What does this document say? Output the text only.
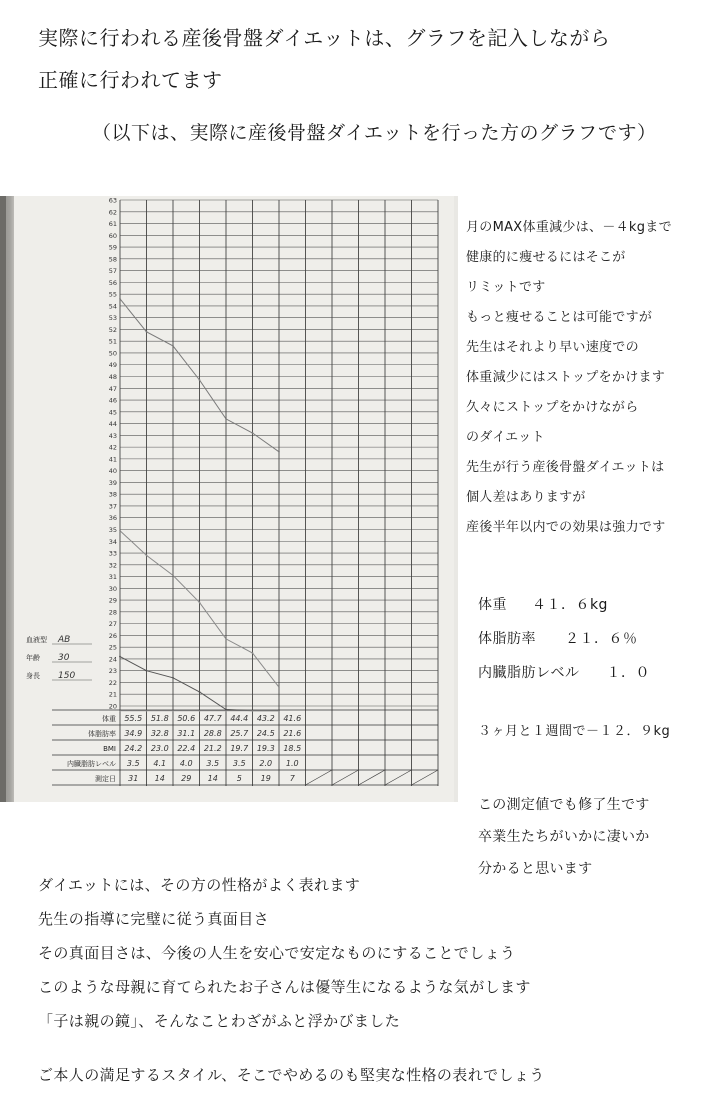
実際に行われる産後骨盤ダイエットは、グラフを記入しながら
正確に行われてます
（以下は、実際に産後骨盤ダイエットを行った方のグラフです）
20
21
22
23
24
25
26
27
28
29
30
31
32
33
34
35
36
37
38
39
40
41
42
43
44
45
46
47
48
49
50
51
52
53
54
55
56
57
58
59
60
61
62
63
体重
体脂肪率
BMI
内臓脂肪レベル
測定日
55.5 51.8 50.6 47.7 44.4 43.2 41.6
34.9 32.8 31.1 28.8 25.7 24.5 21.6
24.2 23.0 22.4 21.2 19.7 19.3 18.5
3.5 4.1 4.0 3.5 3.5 2.0 1.0
31 14 29 14 5 19 7
血液型 AB
年齢 30
身長 150
月のMAX体重減少は、－４kgまで
健康的に痩せるにはそこが
リミットです
もっと痩せることは可能ですが
先生はそれより早い速度での
体重減少にはストップをかけます
久々にストップをかけながら
のダイエット
先生が行う産後骨盤ダイエットは
個人差はありますが
産後半年以内での効果は強力です
体重 ４１．６kg
体脂肪率 ２１．６％
内臓脂肪レベル １．０
３ヶ月と１週間で－１２．９kg
この測定値でも修了生です
卒業生たちがいかに凄いか
分かると思います
ダイエットには、その方の性格がよく表れます
先生の指導に完璧に従う真面目さ
その真面目さは、今後の人生を安心で安定なものにすることでしょう
このような母親に育てられたお子さんは優等生になるような気がします
「子は親の鏡」、そんなことわざがふと浮かびました
ご本人の満足するスタイル、そこでやめるのも堅実な性格の表れでしょう
